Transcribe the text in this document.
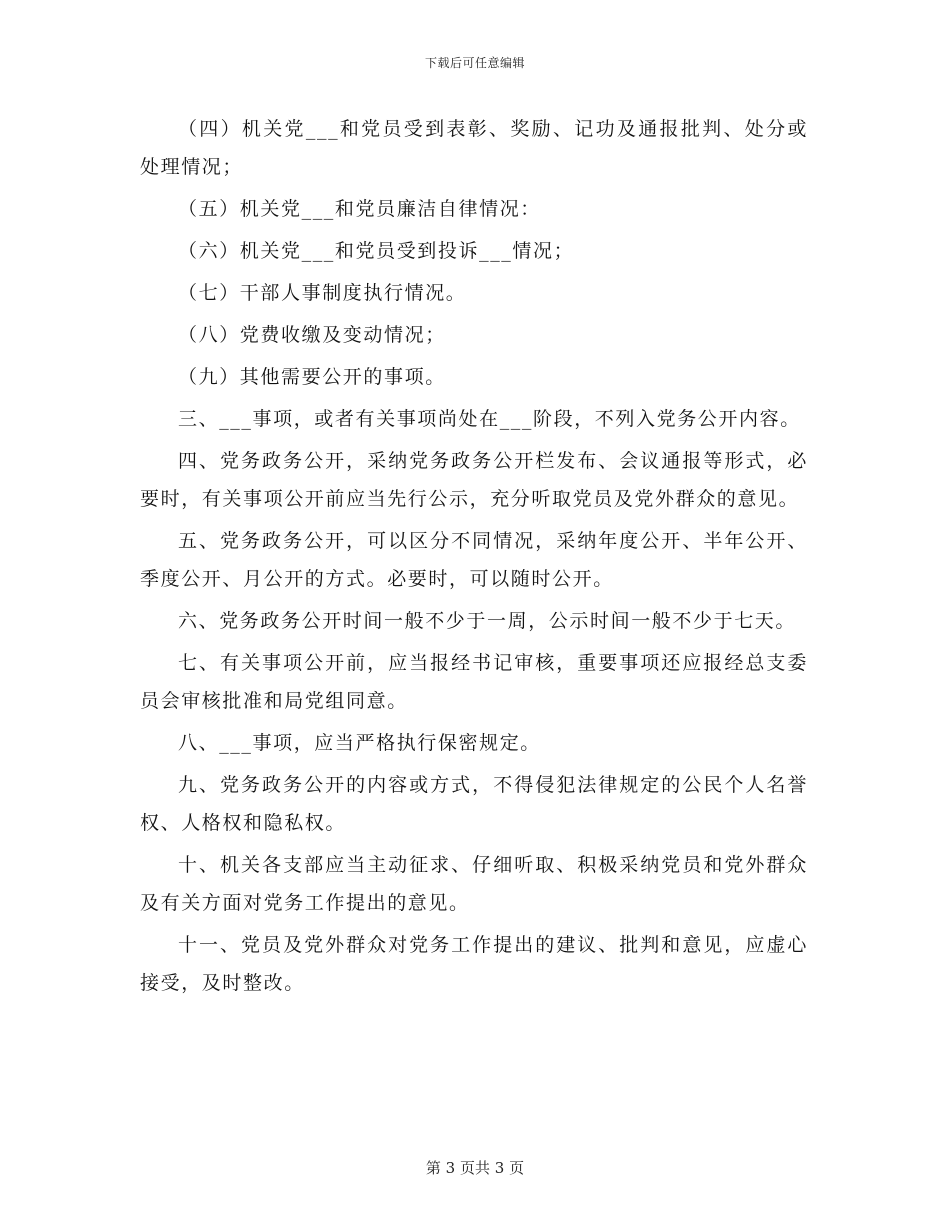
下载后可任意编辑

（四）机关党___和党员受到表彰、奖励、记功及通报批判、处分或处理情况；

（五）机关党___和党员廉洁自律情况：

（六）机关党___和党员受到投诉___情况；

（七）干部人事制度执行情况。

（八）党费收缴及变动情况；

（九）其他需要公开的事项。

三、___事项，或者有关事项尚处在___阶段，不列入党务公开内容。

四、党务政务公开，采纳党务政务公开栏发布、会议通报等形式，必要时，有关事项公开前应当先行公示，充分听取党员及党外群众的意见。

五、党务政务公开，可以区分不同情况，采纳年度公开、半年公开、季度公开、月公开的方式。必要时，可以随时公开。

六、党务政务公开时间一般不少于一周，公示时间一般不少于七天。

七、有关事项公开前，应当报经书记审核，重要事项还应报经总支委员会审核批准和局党组同意。

八、___事项，应当严格执行保密规定。

九、党务政务公开的内容或方式，不得侵犯法律规定的公民个人名誉权、人格权和隐私权。

十、机关各支部应当主动征求、仔细听取、积极采纳党员和党外群众及有关方面对党务工作提出的意见。

十一、党员及党外群众对党务工作提出的建议、批判和意见，应虚心接受，及时整改。

第 3 页共 3 页
